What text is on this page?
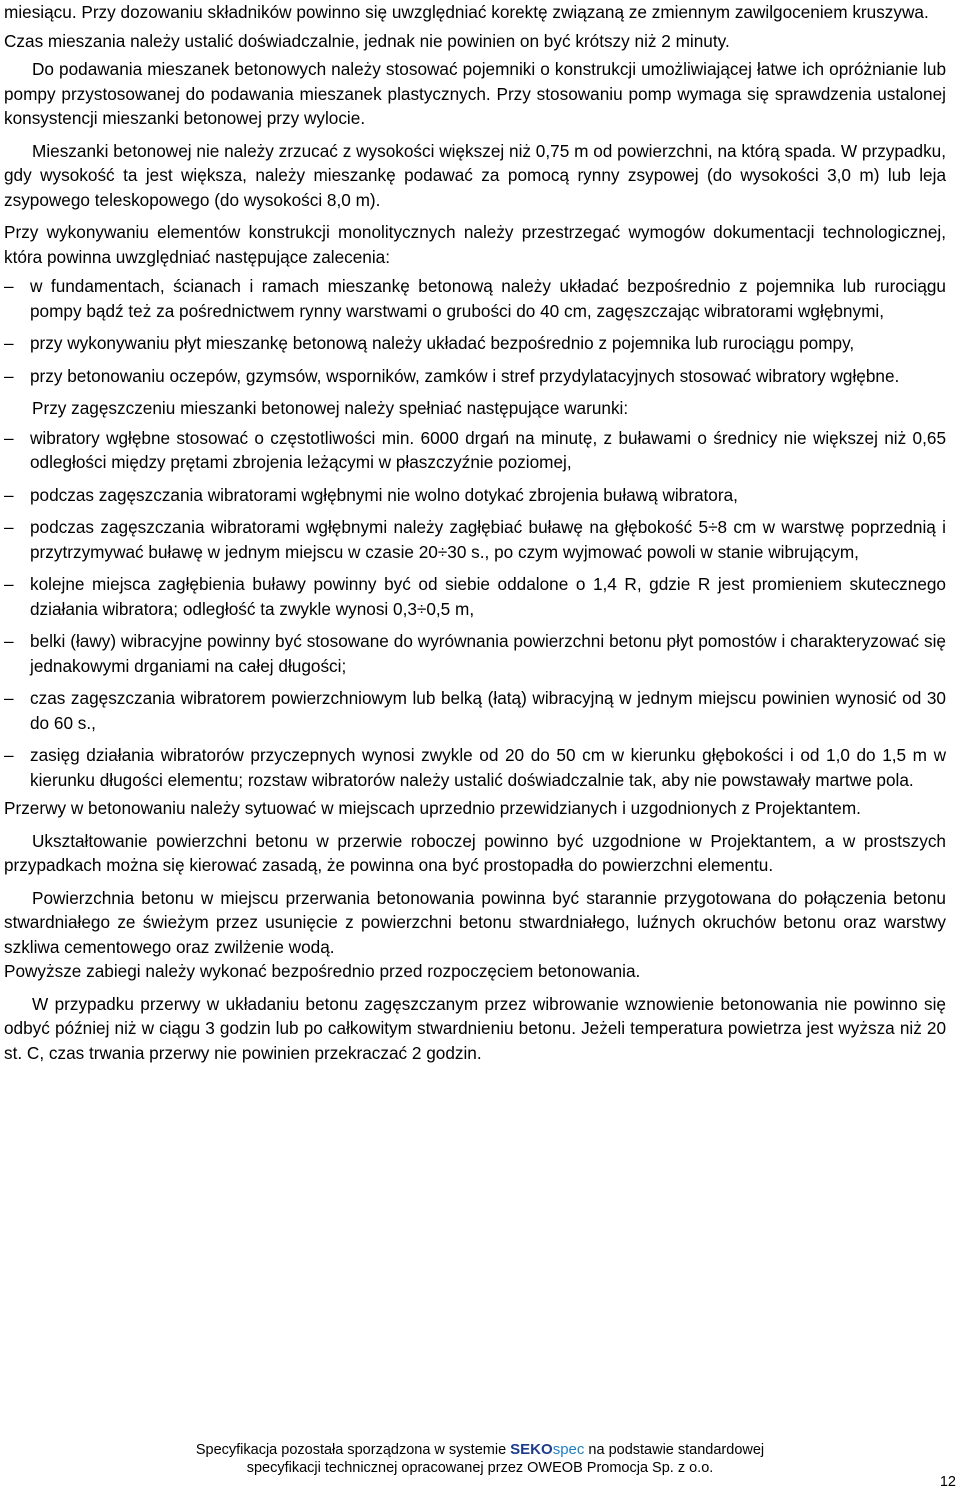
miesiącu. Przy dozowaniu składników powinno się uwzględniać korektę związaną ze zmiennym zawilgoceniem kruszywa.

Czas mieszania należy ustalić doświadczalnie, jednak nie powinien on być krótszy niż 2 minuty.

Do podawania mieszanek betonowych należy stosować pojemniki o konstrukcji umożliwiającej łatwe ich opróżnianie lub pompy przystosowanej do podawania mieszanek plastycznych. Przy stosowaniu pomp wymaga się sprawdzenia ustalonej konsystencji mieszanki betonowej przy wylocie.

Mieszanki betonowej nie należy zrzucać z wysokości większej niż 0,75 m od powierzchni, na którą spada. W przypadku, gdy wysokość ta jest większa, należy mieszankę podawać za pomocą rynny zsypowej (do wysokości 3,0 m) lub leja zsypowego teleskopowego (do wysokości 8,0 m).

Przy wykonywaniu elementów konstrukcji monolitycznych należy przestrzegać wymogów dokumentacji technologicznej, która powinna uwzględniać następujące zalecenia:

– w fundamentach, ścianach i ramach mieszankę betonową należy układać bezpośrednio z pojemnika lub rurociągu pompy bądź też za pośrednictwem rynny warstwami o grubości do 40 cm, zagęszczając wibratorami wgłębnymi,
– przy wykonywaniu płyt mieszankę betonową należy układać bezpośrednio z pojemnika lub rurociągu pompy,
– przy betonowaniu oczepów, gzymsów, wsporników, zamków i stref przydylatacyjnych stosować wibratory wgłębne.

Przy zagęszczeniu mieszanki betonowej należy spełniać następujące warunki:

– wibratory wgłębne stosować o częstotliwości min. 6000 drgań na minutę, z buławami o średnicy nie większej niż 0,65 odległości między prętami zbrojenia leżącymi w płaszczyźnie poziomej,
– podczas zagęszczania wibratorami wgłębnymi nie wolno dotykać zbrojenia buławą wibratora,
– podczas zagęszczania wibratorami wgłębnymi należy zagłębiać buławę na głębokość 5÷8 cm w warstwę poprzednią i przytrzymywać buławę w jednym miejscu w czasie 20÷30 s., po czym wyjmować powoli w stanie wibrującym,
– kolejne miejsca zagłębienia buławy powinny być od siebie oddalone o 1,4 R, gdzie R jest promieniem skutecznego działania wibratora; odległość ta zwykle wynosi 0,3÷0,5 m,
– belki (ławy) wibracyjne powinny być stosowane do wyrównania powierzchni betonu płyt pomostów i charakteryzować się jednakowymi drganiami na całej długości;
– czas zagęszczania wibratorem powierzchniowym lub belką (łatą) wibracyjną w jednym miejscu powinien wynosić od 30 do 60 s.,
– zasięg działania wibratorów przyczepnych wynosi zwykle od 20 do 50 cm w kierunku głębokości i od 1,0 do 1,5 m w kierunku długości elementu; rozstaw wibratorów należy ustalić doświadczalnie tak, aby nie powstawały martwe pola.

Przerwy w betonowaniu należy sytuować w miejscach uprzednio przewidzianych i uzgodnionych z Projektantem.

Ukształtowanie powierzchni betonu w przerwie roboczej powinno być uzgodnione w Projektantem, a w prostszych przypadkach można się kierować zasadą, że powinna ona być prostopadła do powierzchni elementu.

Powierzchnia betonu w miejscu przerwania betonowania powinna być starannie przygotowana do połączenia betonu stwardniałego ze świeżym przez usunięcie z powierzchni betonu stwardniałego, luźnych okruchów betonu oraz warstwy szkliwa cementowego oraz zwilżenie wodą.

Powyższe zabiegi należy wykonać bezpośrednio przed rozpoczęciem betonowania.

W przypadku przerwy w układaniu betonu zagęszczanym przez wibrowanie wznowienie betonowania nie powinno się odbyć później niż w ciągu 3 godzin lub po całkowitym stwardnieniu betonu. Jeżeli temperatura powietrza jest wyższa niż 20 st. C, czas trwania przerwy nie powinien przekraczać 2 godzin.

Specyfikacja pozostała sporządzona w systemie SEKOspec na podstawie standardowej
specyfikacji technicznej opracowanej przez OWEOB Promocja Sp. z o.o.
12
